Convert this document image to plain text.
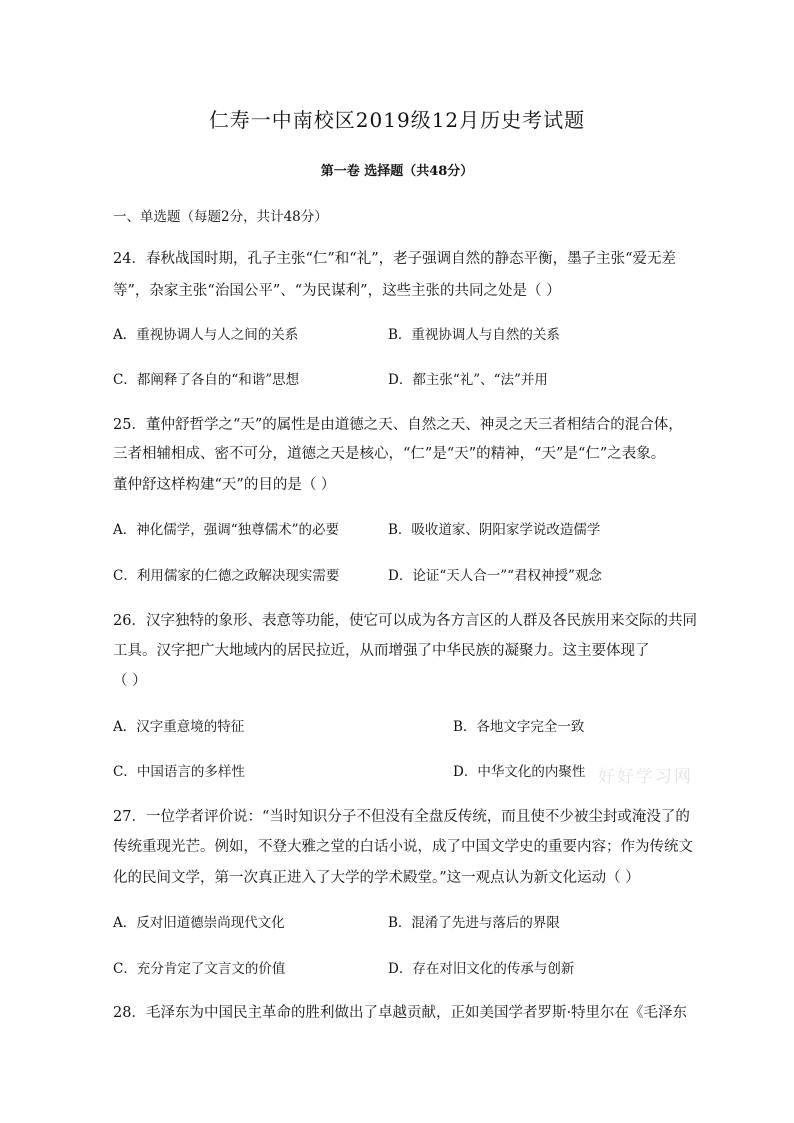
仁寿一中南校区2019级12月历史考试题
第一卷 选择题（共48分）
一、单选题（每题2分，共计48分）
24．春秋战国时期，孔子主张“仁”和“礼”，老子强调自然的静态平衡，墨子主张“爱无差
等”，杂家主张“治国公平”、“为民谋利”，这些主张的共同之处是（ ）
A．重视协调人与人之间的关系	B．重视协调人与自然的关系
C．都阐释了各自的“和谐”思想	D．都主张“礼”、“法”并用
25．董仲舒哲学之“天”的属性是由道德之天、自然之天、神灵之天三者相结合的混合体，
三者相辅相成、密不可分，道德之天是核心，“仁”是“天”的精神，“天”是“仁”之表象。
董仲舒这样构建“天”的目的是（ ）
A．神化儒学，强调“独尊儒术”的必要	B．吸收道家、阴阳家学说改造儒学
C．利用儒家的仁德之政解决现实需要	D．论证“天人合一”“君权神授”观念
26．汉字独特的象形、表意等功能，使它可以成为各方言区的人群及各民族用来交际的共同
工具。汉字把广大地域内的居民拉近，从而增强了中华民族的凝聚力。这主要体现了
（ ）
A．汉字重意境的特征	B．各地文字完全一致
C．中国语言的多样性	D．中华文化的内聚性 好好学习网
27．一位学者评价说：“当时知识分子不但没有全盘反传统，而且使不少被尘封或淹没了的
传统重现光芒。例如，不登大雅之堂的白话小说，成了中国文学史的重要内容；作为传统文
化的民间文学，第一次真正进入了大学的学术殿堂。”这一观点认为新文化运动（ ）
A．反对旧道德崇尚现代文化	B．混淆了先进与落后的界限
C．充分肯定了文言文的价值	D．存在对旧文化的传承与创新
28．毛泽东为中国民主革命的胜利做出了卓越贡献，正如美国学者罗斯·特里尔在《毛泽东
